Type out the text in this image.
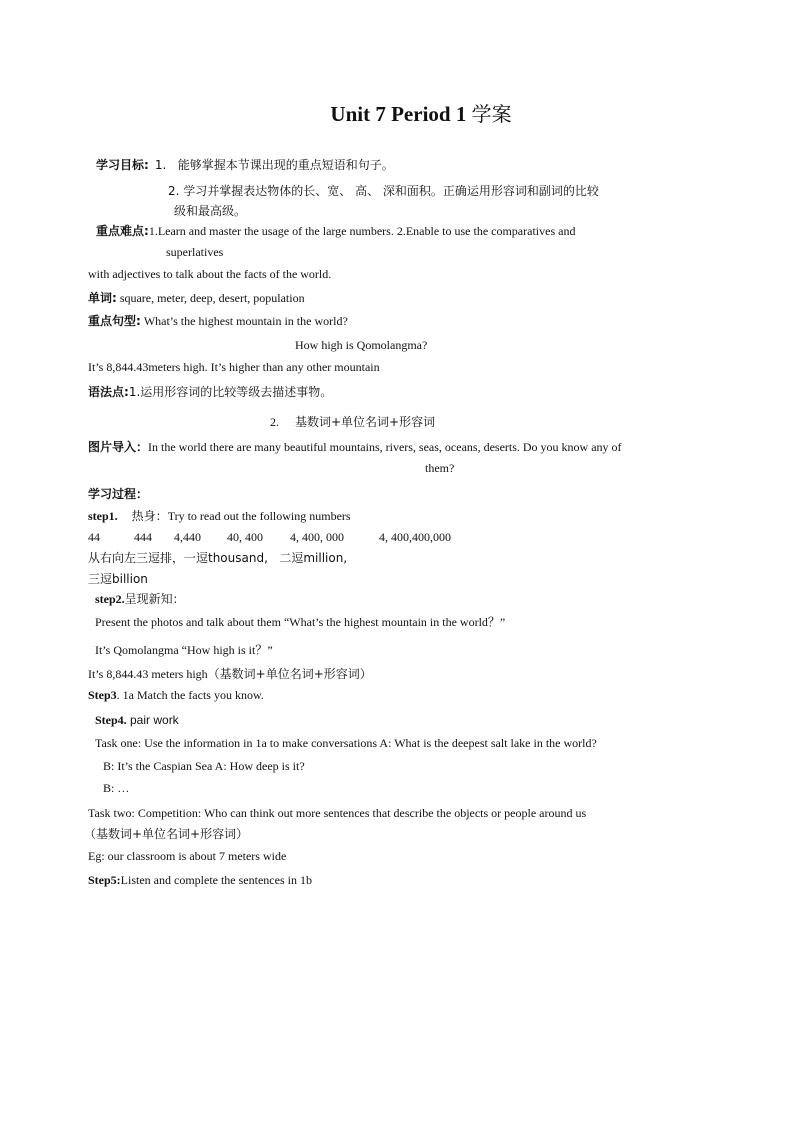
Unit 7 Period 1 学案
学习目标: 1.   能够掌握本节课出现的重点短语和句子。
2. 学习并掌握表达物体的长、宽、 高、 深和面积。正确运用形容词和副词的比较
级和最高级。
重点难点:1.Learn and master the usage of the large numbers. 2.Enable to use the comparatives and
superlatives
with adjectives to talk about the facts of the world.
单词: square, meter, deep, desert, population
重点句型: What’s the highest mountain in the world?
How high is Qomolangma?
It’s 8,844.43meters high. It’s higher than any other mountain
语法点:1.运用形容词的比较等级去描述事物。
2. 基数词+单位名词+形容词
图片导入：In the world there are many beautiful mountains, rivers, seas, oceans, deserts. Do you know any of
them?
学习过程：
step1. 热身：Try to read out the following numbers
44	444 4,440 40, 400 4, 400, 000	4, 400,400,000
从右向左三逗排，一逗thousand,   二逗million,
三逗billion
step2.呈现新知：
Present the photos and talk about them “What’s the highest mountain in the world？”
It’s Qomolangma “How high is it？”
It’s 8,844.43 meters high（基数词+单位名词+形容词）
Step3. 1a Match the facts you know.
Step4. pair work
Task one: Use the information in 1a to make conversations A: What is the deepest salt lake in the world?
B: It’s the Caspian Sea A: How deep is it?
B: …
Task two: Competition: Who can think out more sentences that describe the objects or people around us
（基数词+单位名词+形容词）
Eg: our classroom is about 7 meters wide
Step5:Listen and complete the sentences in 1b
